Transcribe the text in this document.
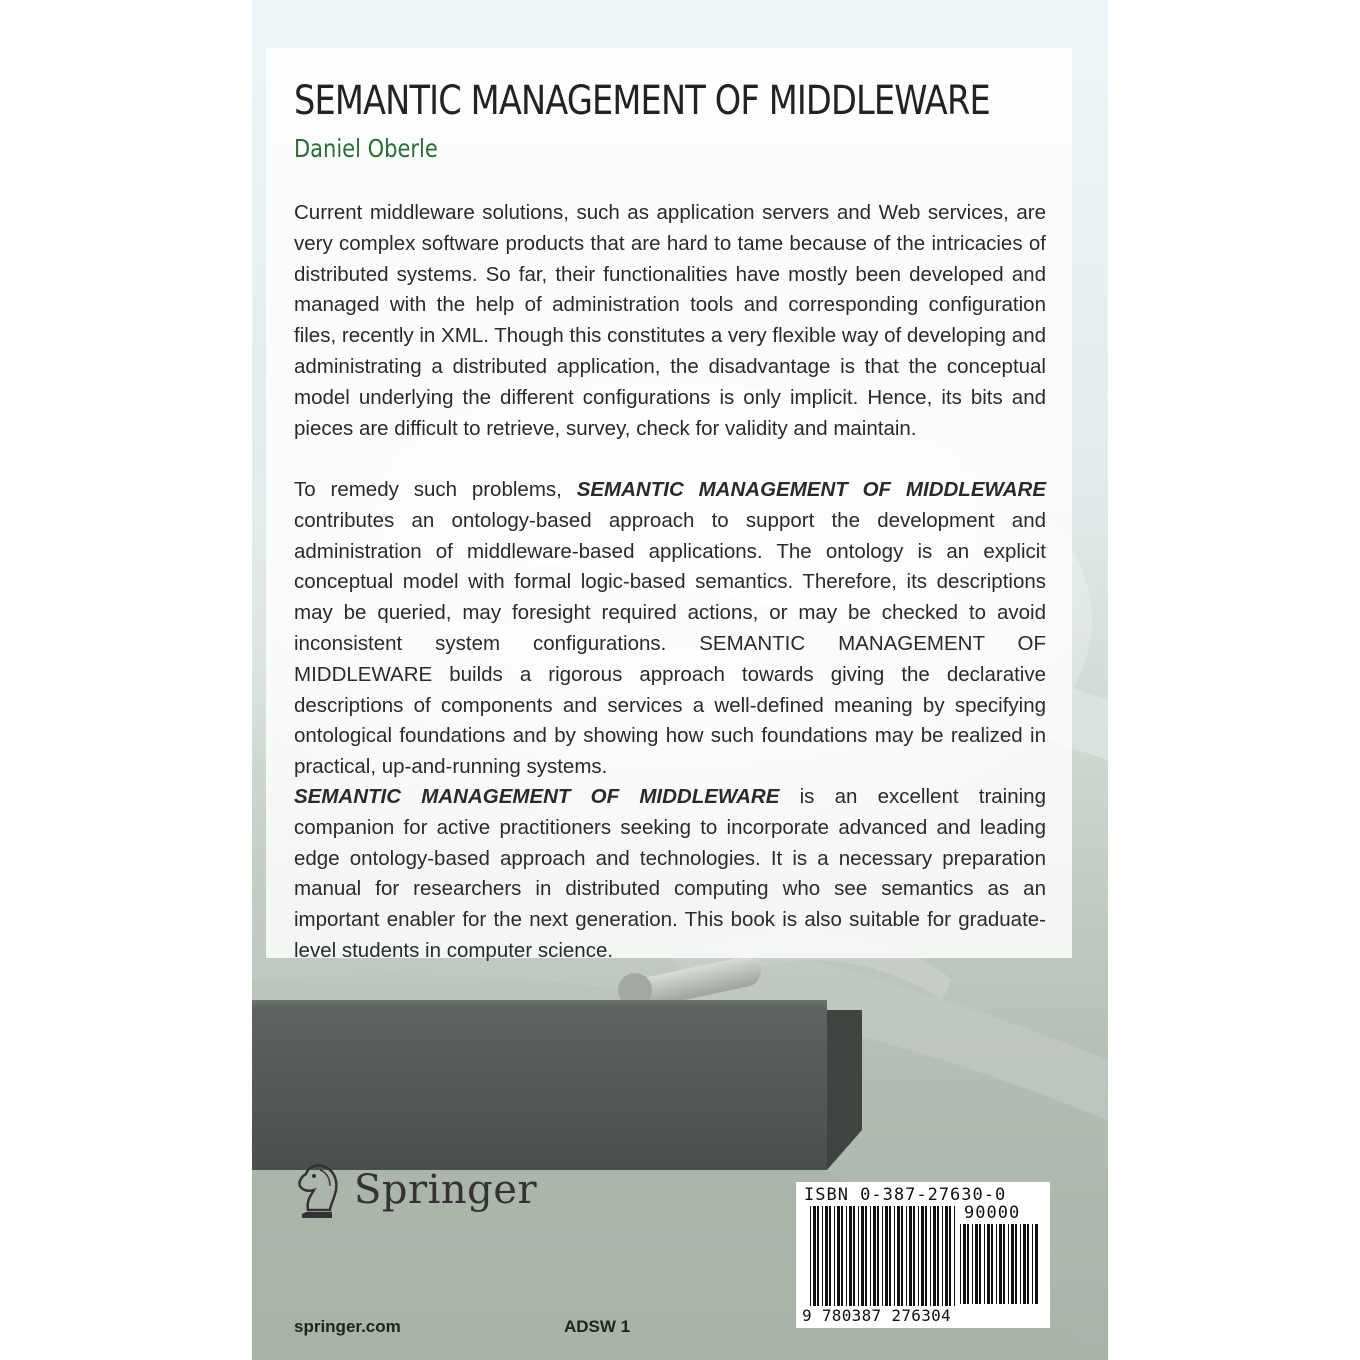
SEMANTIC MANAGEMENT OF MIDDLEWARE
Daniel Oberle

Current middleware solutions, such as application servers and Web services, are very complex software products that are hard to tame because of the intricacies of distributed systems. So far, their functionalities have mostly been developed and managed with the help of administration tools and corresponding configuration files, recently in XML. Though this constitutes a very flexible way of developing and administrating a distributed application, the disadvantage is that the conceptual model underlying the different configurations is only implicit. Hence, its bits and pieces are difficult to retrieve, survey, check for validity and maintain.

To remedy such problems, SEMANTIC MANAGEMENT OF MIDDLEWARE contributes an ontology-based approach to support the development and administration of middleware-based applications. The ontology is an explicit conceptual model with formal logic-based semantics. Therefore, its descriptions may be queried, may foresight required actions, or may be checked to avoid inconsistent system configurations. SEMANTIC MANAGEMENT OF MIDDLEWARE builds a rigorous approach towards giving the declarative descriptions of components and services a well-defined meaning by specifying ontological foundations and by showing how such foundations may be realized in practical, up-and-running systems.

SEMANTIC MANAGEMENT OF MIDDLEWARE is an excellent training companion for active practitioners seeking to incorporate advanced and leading edge ontology-based approach and technologies. It is a necessary preparation manual for researchers in distributed computing who see semantics as an important enabler for the next generation. This book is also suitable for graduate-level students in computer science.

Springer
springer.com	ADSW 1
ISBN 0-387-27630-0
90000
9 780387 276304
